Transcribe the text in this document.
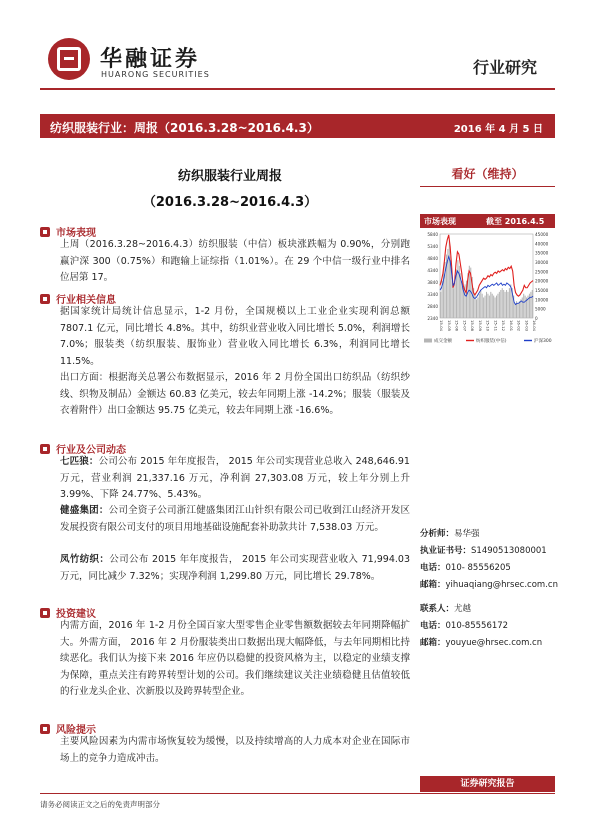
华融证券
HUARONG SECURITIES	行业研究
纺织服装行业：周报（2016.3.28~2016.4.3）	2016 年 4 月 5 日
纺织服装行业周报
（2016.3.28~2016.4.3）
看好（维持）
市场表现	截至 2016.4.5
5840
5340
4840
4340
3840
3340
2840
2340
45000
40000
35000
30000
25000
20000
15000
10000
5000
0
15-04 15-05 15-06 15-07 15-08 15-09 15-10 15-11 15-12 16-01 16-02 16-03 16-04
成交金额	纺织服装(中信)	沪深300
分析师：易华强
执业证书号：S1490513080001
电话：010- 85556205
邮箱：yihuaqiang@hrsec.com.cn
联系人：尤越
电话：010-85556172
邮箱：youyue@hrsec.com.cn
证券研究报告
请务必阅读正文之后的免责声明部分
市场表现
上周（2016.3.28~2016.4.3）纺织服装（中信）板块涨跌幅为 0.90%，分别跑赢沪深 300（0.75%）和跑输上证综指（1.01%）。在 29 个中信一级行业中排名位居第 17。
行业相关信息
据国家统计局统计信息显示，1-2 月份，全国规模以上工业企业实现利润总额 7807.1 亿元，同比增长 4.8%。其中，纺织业营业收入同比增长 5.0%，利润增长 7.0%；服装类（纺织服装、服饰业）营业收入同比增长 6.3%，利润同比增长 11.5%。
出口方面：根据海关总署公布数据显示，2016 年 2 月份全国出口纺织品（纺织纱线、织物及制品）金额达 60.83 亿美元，较去年同期上涨 -14.2%；服装（服装及衣着附件）出口金额达 95.75 亿美元，较去年同期上涨 -16.6%。
行业及公司动态
七匹狼：公司公布 2015 年年度报告， 2015 年公司实现营业总收入 248,646.91 万元，营业利润 21,337.16 万元，净利润 27,303.08 万元，较上年分别上升 3.99%、下降 24.77%、5.43%。
健盛集团：公司全资子公司浙江健盛集团江山针织有限公司已收到江山经济开发区发展投资有限公司支付的项目用地基础设施配套补助款共计 7,538.03 万元。
凤竹纺织：公司公布 2015 年年度报告， 2015 年公司实现营业收入 71,994.03 万元，同比减少 7.32%；实现净利润 1,299.80 万元，同比增长 29.78%。
投资建议
内需方面，2016 年 1-2 月份全国百家大型零售企业零售额数据较去年同期降幅扩大。外需方面， 2016 年 2 月份服装类出口数据出现大幅降低，与去年同期相比持续恶化。我们认为接下来 2016 年应仍以稳健的投资风格为主，以稳定的业绩支撑为保障，重点关注有跨界转型计划的公司。我们继续建议关注业绩稳健且估值较低的行业龙头企业、次新股以及跨界转型企业。
风险提示
主要风险因素为内需市场恢复较为缓慢，以及持续增高的人力成本对企业在国际市场上的竞争力造成冲击。
